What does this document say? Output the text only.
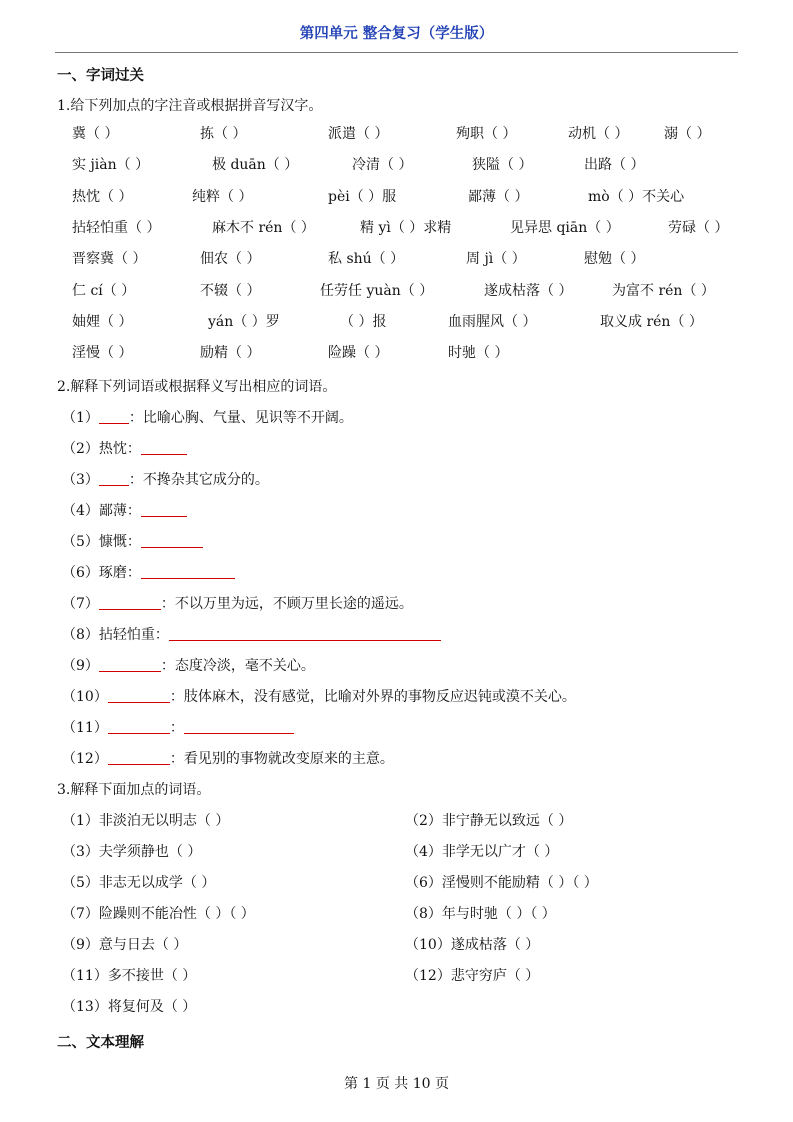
第四单元 整合复习（学生版）
一、字词过关
1.给下列加点的字注音或根据拼音写汉字。
冀（ ）	拣（ ）	派遣（ ）	殉职（ ）	动机（ ）	溺（ ）
实 jiàn（ ）	极 duān（ ）	冷清（ ）	狭隘（ ）	出路（ ）
热忱（ ）	纯粹（ ）	pèi（ ）服	鄙薄（ ）	mò（ ）不关心
拈轻怕重（ ）	麻木不 rén（ ）	精 yì（ ）求精	见异思 qiān（ ）	劳碌（ ）
晋察冀（ ）	佃农（ ）	私 shú（ ）	周 jì（ ）	慰勉（ ）
仁 cí（ ）	不辍（ ）	任劳任 yuàn（ ）	遂成枯落（ ）	为富不 rén（ ）
妯娌（ ）	yán（ ）罗	（ ）报	血雨腥风（ ）	取义成 rén（ ）
淫慢（ ）	励精（ ）	险躁（ ）	时驰（ ）
2.解释下列词语或根据释义写出相应的词语。
（1） ：比喻心胸、气量、见识等不开阔。
（2）热忱：
（3） ：不搀杂其它成分的。
（4）鄙薄：
（5）慷慨：
（6）琢磨：
（7）	：不以万里为远，不顾万里长途的遥远。
（8）拈轻怕重：
（9）	：态度冷淡，毫不关心。
（10）	：肢体麻木，没有感觉，比喻对外界的事物反应迟钝或漠不关心。
（11）	：
（12）	：看见别的事物就改变原来的主意。
3.解释下面加点的词语。
（1）非淡泊无以明志（ ）	（2）非宁静无以致远（ ）
（3）夫学须静也（ ）	（4）非学无以广才（ ）
（5）非志无以成学（ ）	（6）淫慢则不能励精（ ）（ ）
（7）险躁则不能冶性（ ）（ ）	（8）年与时驰（ ）（ ）
（9）意与日去（ ）	（10）遂成枯落（ ）
（11）多不接世（ ）	（12）悲守穷庐（ ）
（13）将复何及（ ）
二、文本理解
第 1 页 共 10 页
